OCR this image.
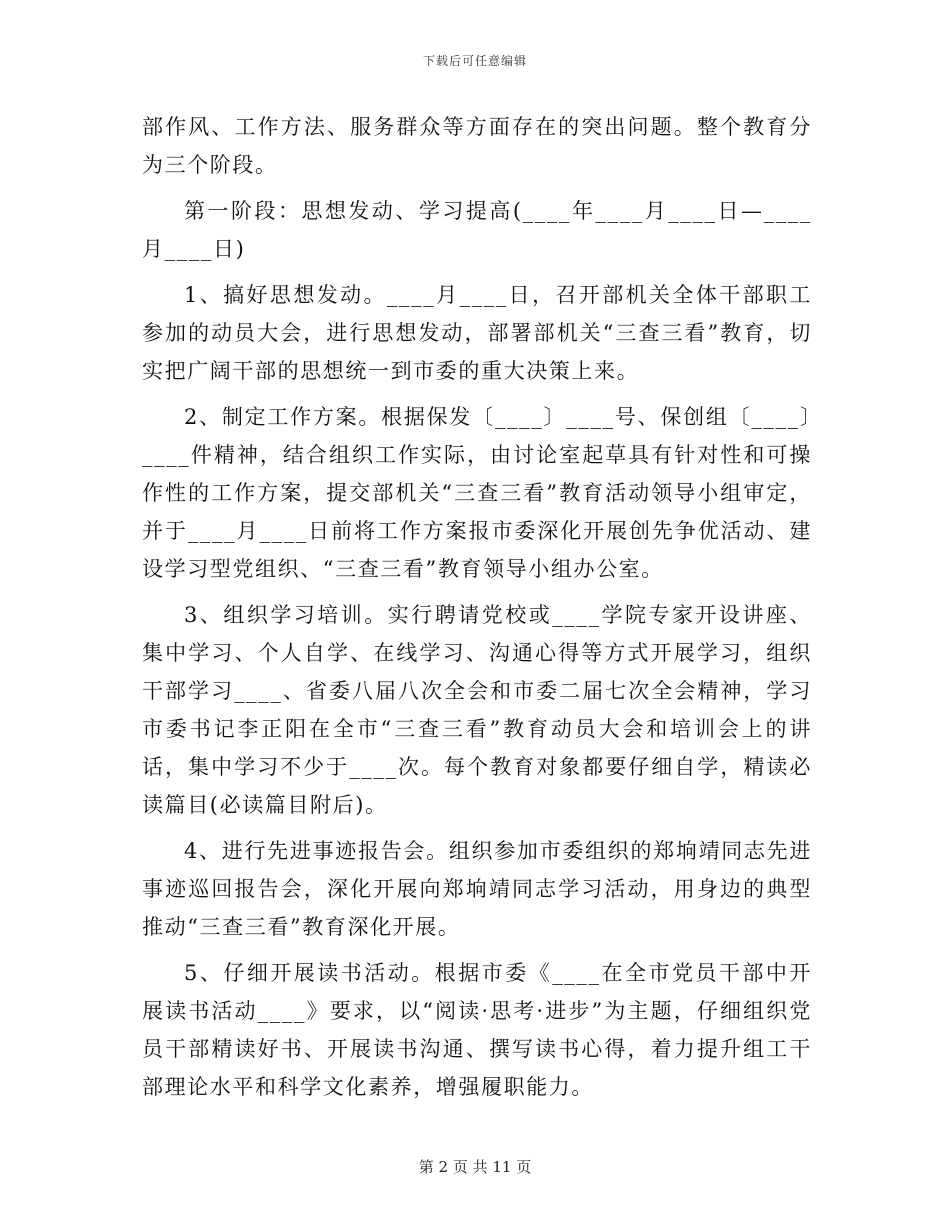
下载后可任意编辑

部作风、工作方法、服务群众等方面存在的突出问题。整个教育分为三个阶段。

第一阶段：思想发动、学习提高(____年____月____日—____月____日)

1、搞好思想发动。____月____日，召开部机关全体干部职工参加的动员大会，进行思想发动，部署部机关“三查三看”教育，切实把广阔干部的思想统一到市委的重大决策上来。

2、制定工作方案。根据保发〔____〕____号、保创组〔____〕____件精神，结合组织工作实际，由讨论室起草具有针对性和可操作性的工作方案，提交部机关“三查三看”教育活动领导小组审定，并于____月____日前将工作方案报市委深化开展创先争优活动、建设学习型党组织、“三查三看”教育领导小组办公室。

3、组织学习培训。实行聘请党校或____学院专家开设讲座、集中学习、个人自学、在线学习、沟通心得等方式开展学习，组织干部学习____、省委八届八次全会和市委二届七次全会精神，学习市委书记李正阳在全市“三查三看”教育动员大会和培训会上的讲话，集中学习不少于____次。每个教育对象都要仔细自学，精读必读篇目(必读篇目附后)。

4、进行先进事迹报告会。组织参加市委组织的郑垧靖同志先进事迹巡回报告会，深化开展向郑垧靖同志学习活动，用身边的典型推动“三查三看”教育深化开展。

5、仔细开展读书活动。根据市委《____在全市党员干部中开展读书活动____》要求，以“阅读·思考·进步”为主题，仔细组织党员干部精读好书、开展读书沟通、撰写读书心得，着力提升组工干部理论水平和科学文化素养，增强履职能力。

第 2 页 共 11 页
